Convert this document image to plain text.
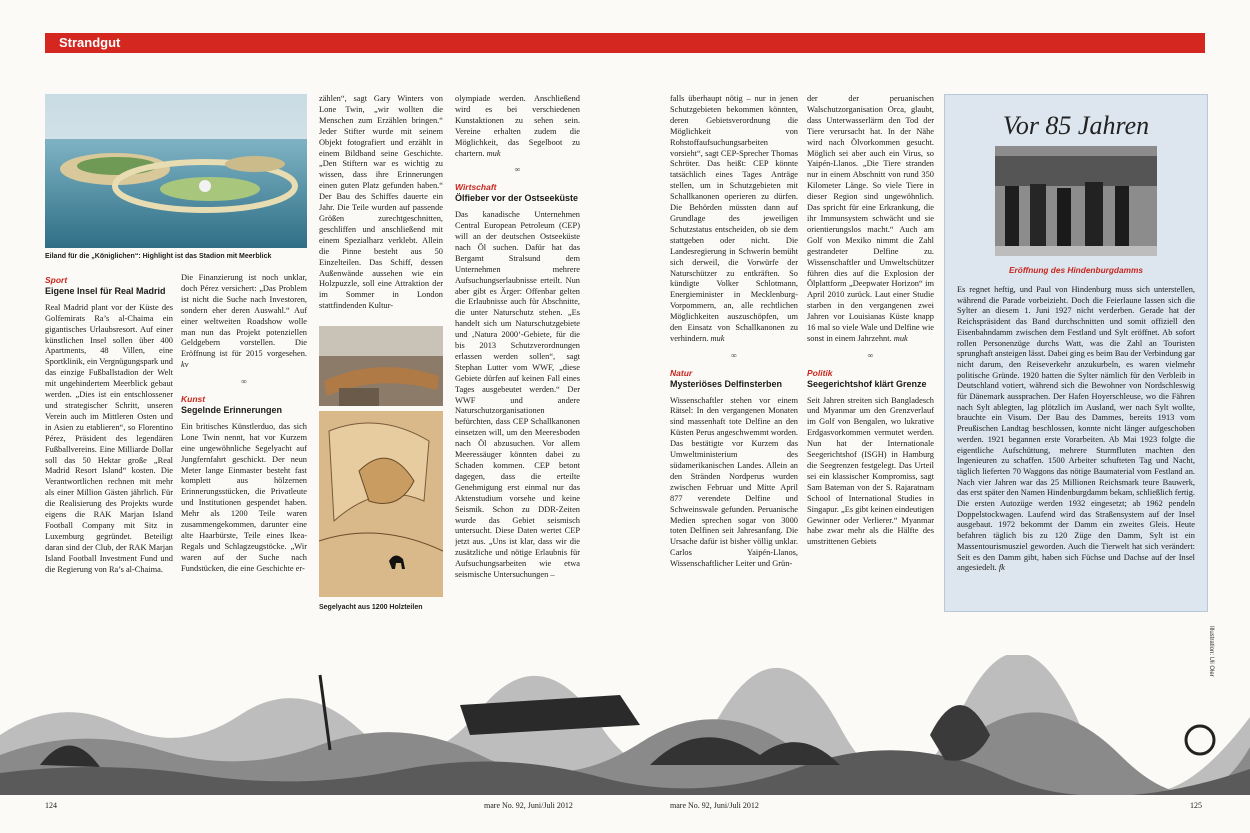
Strandgut
Eiland für die „Königlichen“: Highlight ist das Stadion mit Meerblick
Sport
Eigene Insel für Real Madrid

Real Madrid plant vor der Küste des Golfemirats Ra’s al-Chaima ein gigantisches Urlaubsresort. Auf einer künstlichen Insel sollen über 400 Apartments, 48 Villen, eine Sportklinik, ein Vergnügungspark und das einzige Fußballstadion der Welt mit ungehindertem Meerblick gebaut werden. „Dies ist ein entschlossener und strategischer Schritt, unseren Verein auch im Mittleren Osten und in Asien zu etablieren“, so Florentino Pérez, Präsident des legendären Fußballvereins. Eine Milliarde Dollar soll das 50 Hektar große „Real Madrid Resort Island“ kosten. Die Verantwortlichen rechnen mit mehr als einer Million Gästen jährlich. Für die Realisierung des Projekts wurde eigens die RAK Marjan Island Football Company mit Sitz in Luxemburg gegründet. Beteiligt daran sind der Club, der RAK Marjan Island Football Investment Fund und die Regierung von Ra’s al-Chaima.

Die Finanzierung ist noch unklar, doch Pérez versichert: „Das Problem ist nicht die Suche nach Investoren, sondern eher deren Auswahl.“ Auf einer weltweiten Roadshow wolle man nun das Projekt potenziellen Geldgebern vorstellen. Die Eröffnung ist für 2015 vorgesehen. kv

∞
Kunst
Segelnde Erinnerungen

Ein britisches Künstlerduo, das sich Lone Twin nennt, hat vor Kurzem eine ungewöhnliche Segelyacht auf Jungfernfahrt geschickt. Der neun Meter lange Einmaster besteht fast komplett aus hölzernen Erinnerungsstücken, die Privatleute und Institutionen gespendet haben. Mehr als 1200 Teile waren zusammengekommen, darunter eine alte Haarbürste, Teile eines Ikea-Regals und Schlagzeugstöcke. „Wir waren auf der Suche nach Fundstücken, die eine Geschichte er-

zählen“, sagt Gary Winters von Lone Twin, „wir wollten die Menschen zum Erzählen bringen.“ Jeder Stifter wurde mit seinem Objekt fotografiert und erzählt in einem Bildband seine Geschichte. „Den Stiftern war es wichtig zu wissen, dass ihre Erinnerungen einen guten Platz gefunden haben.“ Der Bau des Schiffes dauerte ein Jahr. Die Teile wurden auf passende Größen zurechtgeschnitten, geschliffen und anschließend mit einem Spezialharz verklebt. Allein die Pinne besteht aus 50 Einzelteilen. Das Schiff, dessen Außenwände aussehen wie ein Holzpuzzle, soll eine Attraktion der im Sommer in London stattfindenden Kultur-

Segelyacht aus 1200 Holzteilen

olympiade werden. Anschließend wird es bei verschiedenen Kunstaktionen zu sehen sein. Vereine erhalten zudem die Möglichkeit, das Segelboot zu chartern. muk

∞
Wirtschaft
Ölfieber vor der Ostseeküste

Das kanadische Unternehmen Central European Petroleum (CEP) will an der deutschen Ostseeküste nach Öl suchen. Dafür hat das Bergamt Stralsund dem Unternehmen mehrere Aufsuchungserlaubnisse erteilt. Nun aber gibt es Ärger: Offenbar gelten die Erlaubnisse auch für Abschnitte, die unter Naturschutz stehen. „Es handelt sich um Naturschutzgebiete und ‚Natura 2000‘-Gebiete, für die bis 2013 Schutzverordnungen erlassen werden sollen“, sagt Stephan Lutter vom WWF, „diese Gebiete dürfen auf keinen Fall eines Tages ausgebeutet werden.“ Der WWF und andere Naturschutzorganisationen befürchten, dass CEP Schallkanonen einsetzen will, um den Meeresboden nach Öl abzusuchen. Vor allem Meeressäuger könnten dabei zu Schaden kommen. CEP betont dagegen, dass die erteilte Genehmigung erst einmal nur das Aktenstudium vorsehe und keine Seismik. Schon zu DDR-Zeiten wurde das Gebiet seismisch untersucht. Diese Daten wertet CEP jetzt aus. „Uns ist klar, dass wir die zusätzliche und nötige Erlaubnis für Aufsuchungsarbeiten wie etwa seismische Untersuchungen –

falls überhaupt nötig – nur in jenen Schutzgebieten bekommen könnten, deren Gebietsverordnung die Möglichkeit von Rohstoffaufsuchungsarbeiten vorsieht“, sagt CEP-Sprecher Thomas Schröter. Das heißt: CEP könnte tatsächlich eines Tages Anträge stellen, um in Schutzgebieten mit Schallkanonen operieren zu dürfen. Die Behörden müssten dann auf Grundlage des jeweiligen Schutzstatus entscheiden, ob sie dem stattgeben oder nicht. Die Landesregierung in Schwerin bemüht sich derweil, die Vorwürfe der Naturschützer zu entkräften. So kündigte Volker Schlotmann, Energieminister in Mecklenburg-Vorpommern, an, alle rechtlichen Möglichkeiten auszuschöpfen, um den Einsatz von Schallkanonen zu verhindern. muk

∞
Natur
Mysteriöses Delfinsterben

Wissenschaftler stehen vor einem Rätsel: In den vergangenen Monaten sind massenhaft tote Delfine an den Küsten Perus angeschwemmt worden. Das bestätigte vor Kurzem das Umweltministerium des südamerikanischen Landes. Allein an den Stränden Nordperus wurden zwischen Februar und Mitte April 877 verendete Delfine und Schweinswale gefunden. Peruanische Medien sprechen sogar von 3000 toten Delfinen seit Jahresanfang. Die Ursache dafür ist bisher völlig unklar. Carlos Yaipén-Llanos, Wissenschaftlicher Leiter und Grün-

der der peruanischen Walschutzorganisation Orca, glaubt, dass Unterwasserlärm den Tod der Tiere verursacht hat. In der Nähe wird nach Ölvorkommen gesucht. Möglich sei aber auch ein Virus, so Yaipén-Llanos. „Die Tiere stranden nur in einem Abschnitt von rund 350 Kilometer Länge. So viele Tiere in dieser Region sind ungewöhnlich. Das spricht für eine Erkrankung, die ihr Immunsystem schwächt und sie orientierungslos macht.“ Auch am Golf von Mexiko nimmt die Zahl gestrandeter Delfine zu. Wissenschaftler und Umweltschützer führen dies auf die Explosion der Ölplattform „Deepwater Horizon“ im April 2010 zurück. Laut einer Studie starben in den vergangenen zwei Jahren vor Louisianas Küste knapp 16 mal so viele Wale und Delfine wie sonst in einem Jahrzehnt. muk

∞
Politik
Seegerichtshof klärt Grenze

Seit Jahren streiten sich Bangladesch und Myanmar um den Grenzverlauf im Golf von Bengalen, wo lukrative Erdgasvorkommen vermutet werden. Nun hat der Internationale Seegerichtshof (ISGH) in Hamburg die Seegrenzen festgelegt. Das Urteil sei ein klassischer Kompromiss, sagt Sam Bateman von der S. Rajaratnam School of International Studies in Singapur. „Es gibt keinen eindeutigen Gewinner oder Verlierer.“ Myanmar habe zwar mehr als die Hälfte des umstrittenen Gebiets

Vor 85 Jahren
Eröffnung des Hindenburgdamms
Es regnet heftig, und Paul von Hindenburg muss sich unterstellen, während die Parade vorbeizieht. Doch die Feierlaune lassen sich die Sylter an diesem 1. Juni 1927 nicht verderben. Gerade hat der Reichspräsident das Band durchschnitten und somit offiziell den Eisenbahndamm zwischen dem Festland und Sylt eröffnet. Ab sofort rollen Personenzüge durchs Watt, was die Zahl an Touristen sprunghaft ansteigen lässt. Dabei ging es beim Bau der Verbindung gar nicht darum, den Reiseverkehr anzukurbeln, es waren vielmehr politische Gründe. 1920 hatten die Sylter nämlich für den Verbleib in Deutschland votiert, während sich die Bewohner von Nordschleswig für Dänemark aussprachen. Der Hafen Hoyerschleuse, wo die Fähren nach Sylt ablegten, lag plötzlich im Ausland, wer nach Sylt wollte, brauchte ein Visum. Der Bau des Dammes, bereits 1913 vom Preußischen Landtag beschlossen, konnte nicht länger aufgeschoben werden. 1921 begannen erste Vorarbeiten. Ab Mai 1923 folgte die eigentliche Aufschüttung, mehrere Sturmfluten machten den Ingenieuren zu schaffen. 1500 Arbeiter schufteten Tag und Nacht, täglich lieferten 70 Waggons das nötige Baumaterial vom Festland an. Nach vier Jahren war das 25 Millionen Reichsmark teure Bauwerk, das erst später den Namen Hindenburgdamm bekam, schließlich fertig. Die ersten Autozüge werden 1932 eingesetzt; ab 1962 pendeln Doppelstockwagen. Laufend wird das Straßensystem auf der Insel ausgebaut. 1972 bekommt der Damm ein zweites Gleis. Heute befahren täglich bis zu 120 Züge den Damm, Sylt ist ein Massentourismusziel geworden. Auch die Tierwelt hat sich verändert: Seit es den Damm gibt, haben sich Füchse und Dachse auf der Insel angesiedelt. fk
Illustration: Uli Oler
124	mare No. 92, Juni/Juli 2012	mare No. 92, Juni/Juli 2012	125
